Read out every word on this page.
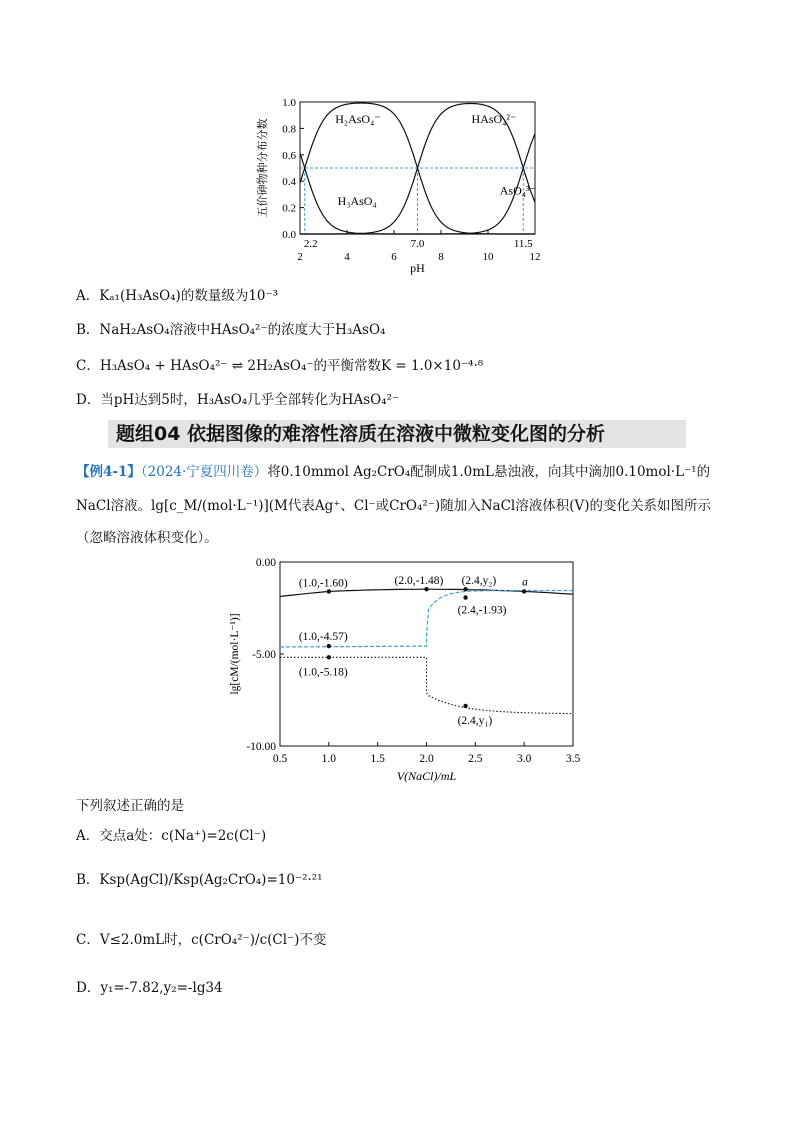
0.0
0.2
0.4
0.6
0.8
1.0
2	4	6	8	10	12
2.2	7.0	11.5
pH
五价砷物种分布分数	H₃AsO₄
H₂AsO₄⁻	HAsO₄²⁻
AsO₄³⁻
A．Kₐ₁(H₃AsO₄)的数量级为10⁻³
B．NaH₂AsO₄溶液中HAsO₄²⁻的浓度大于H₃AsO₄
C．H₃AsO₄ + HAsO₄²⁻ ⇌ 2H₂AsO₄⁻的平衡常数K = 1.0×10⁻⁴·⁸
D．当pH达到5时，H₃AsO₄几乎全部转化为HAsO₄²⁻
题组04 依据图像的难溶性溶质在溶液中微粒变化图的分析
【例4-1】（2024·宁夏四川卷）将0.10mmol Ag₂CrO₄配制成1.0mL悬浊液，向其中滴加0.10mol·L⁻¹的
NaCl溶液。lg[c_M/(mol·L⁻¹)](M代表Ag⁺、Cl⁻或CrO₄²⁻)随加入NaCl溶液体积(V)的变化关系如图所示
（忽略溶液体积变化）。
0.00
-5.00
-10.00
0.5	1.0	1.5	2.0	2.5	3.0	3.5
V(NaCl)/mL
lg[cM/(mol·L⁻¹)]
(1.0,-1.60)	(2.0,-1.48) (2.4,y₂) a
(1.0,-4.57)
(2.4,-1.93)
(1.0,-5.18)
(2.4,y₁)
下列叙述正确的是
A．交点a处：c(Na⁺)=2c(Cl⁻)
B．Ksp(AgCl)/Ksp(Ag₂CrO₄)=10⁻²·²¹
C．V≤2.0mL时，c(CrO₄²⁻)/c(Cl⁻)不变
D．y₁=-7.82,y₂=-lg34
